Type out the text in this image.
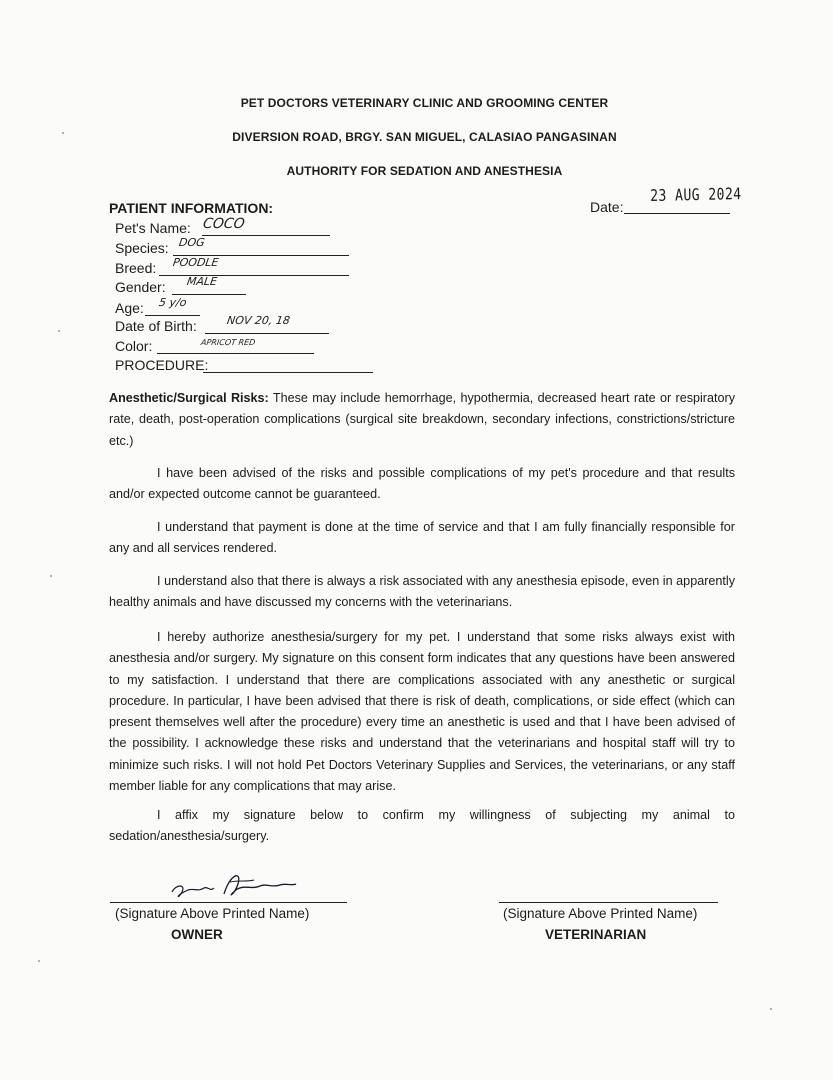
PET DOCTORS VETERINARY CLINIC AND GROOMING CENTER
DIVERSION ROAD, BRGY. SAN MIGUEL, CALASIAO PANGASINAN
AUTHORITY FOR SEDATION AND ANESTHESIA
PATIENT INFORMATION:	Date:
23 AUG 2024
Pet's Name: COCO
Species: DOG
Breed: POODLE
Gender: MALE
Age: 5 y/o
Date of Birth:	NOV 20, 18
Color:	APRICOT RED
PROCEDURE:

Anesthetic/Surgical Risks: These may include hemorrhage, hypothermia, decreased heart rate or respiratory rate, death, post-operation complications (surgical site breakdown, secondary infections, constrictions/stricture etc.)

I have been advised of the risks and possible complications of my pet's procedure and that results and/or expected outcome cannot be guaranteed.

I understand that payment is done at the time of service and that I am fully financially responsible for any and all services rendered.

I understand also that there is always a risk associated with any anesthesia episode, even in apparently healthy animals and have discussed my concerns with the veterinarians.

I hereby authorize anesthesia/surgery for my pet. I understand that some risks always exist with anesthesia and/or surgery. My signature on this consent form indicates that any questions have been answered to my satisfaction. I understand that there are complications associated with any anesthetic or surgical procedure. In particular, I have been advised that there is risk of death, complications, or side effect (which can present themselves well after the procedure) every time an anesthetic is used and that I have been advised of the possibility. I acknowledge these risks and understand that the veterinarians and hospital staff will try to minimize such risks. I will not hold Pet Doctors Veterinary Supplies and Services, the veterinarians, or any staff member liable for any complications that may arise.

I affix my signature below to confirm my willingness of subjecting my animal to sedation/anesthesia/surgery.

(Signature Above Printed Name)
OWNER
(Signature Above Printed Name)
VETERINARIAN
